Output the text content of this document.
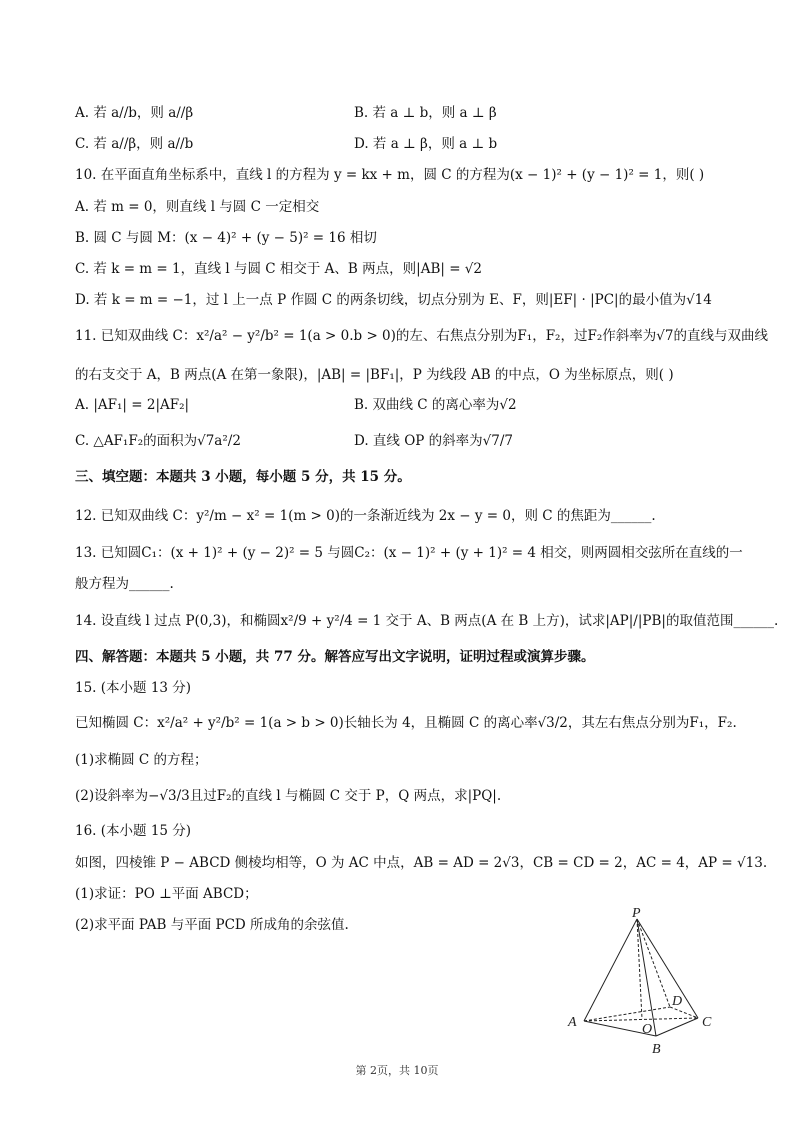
A. 若 a//b，则 a//β	B. 若 a ⊥ b，则 a ⊥ β
C. 若 a//β，则 a//b	D. 若 a ⊥ β，则 a ⊥ b
10. 在平面直角坐标系中，直线 l 的方程为 y = kx + m，圆 C 的方程为(x − 1)² + (y − 1)² = 1，则( )
A. 若 m = 0，则直线 l 与圆 C 一定相交
B. 圆 C 与圆 M：(x − 4)² + (y − 5)² = 16 相切
C. 若 k = m = 1，直线 l 与圆 C 相交于 A、B 两点，则|AB| = √2
D. 若 k = m = −1，过 l 上一点 P 作圆 C 的两条切线，切点分别为 E、F，则|EF| · |PC|的最小值为√14
11. 已知双曲线 C：x²/a² − y²/b² = 1(a > 0.b > 0)的左、右焦点分别为F₁，F₂，过F₂作斜率为√7的直线与双曲线
的右支交于 A，B 两点(A 在第一象限)，|AB| = |BF₁|，P 为线段 AB 的中点，O 为坐标原点，则( )
A. |AF₁| = 2|AF₂|	B. 双曲线 C 的离心率为√2
C. △AF₁F₂的面积为√7a²/2	D. 直线 OP 的斜率为√7/7
三、填空题：本题共 3 小题，每小题 5 分，共 15 分。
12. 已知双曲线 C：y²/m − x² = 1(m > 0)的一条渐近线为 2x − y = 0，则 C 的焦距为______.
13. 已知圆C₁：(x + 1)² + (y − 2)² = 5 与圆C₂：(x − 1)² + (y + 1)² = 4 相交，则两圆相交弦所在直线的一
般方程为______.
14. 设直线 l 过点 P(0,3)，和椭圆x²/9 + y²/4 = 1 交于 A、B 两点(A 在 B 上方)，试求|AP|/|PB|的取值范围______.
四、解答题：本题共 5 小题，共 77 分。解答应写出文字说明，证明过程或演算步骤。
15. (本小题 13 分)
已知椭圆 C：x²/a² + y²/b² = 1(a > b > 0)长轴长为 4，且椭圆 C 的离心率√3/2，其左右焦点分别为F₁，F₂.
(1)求椭圆 C 的方程；
(2)设斜率为−√3/3且过F₂的直线 l 与椭圆 C 交于 P，Q 两点，求|PQ|.
16. (本小题 15 分)
如图，四棱锥 P − ABCD 侧棱均相等，O 为 AC 中点，AB = AD = 2√3，CB = CD = 2，AC = 4，AP = √13.
(1)求证：PO ⊥平面 ABCD；
(2)求平面 PAB 与平面 PCD 所成角的余弦值.
P
A
B
C
D
O
第 2页，共 10页
